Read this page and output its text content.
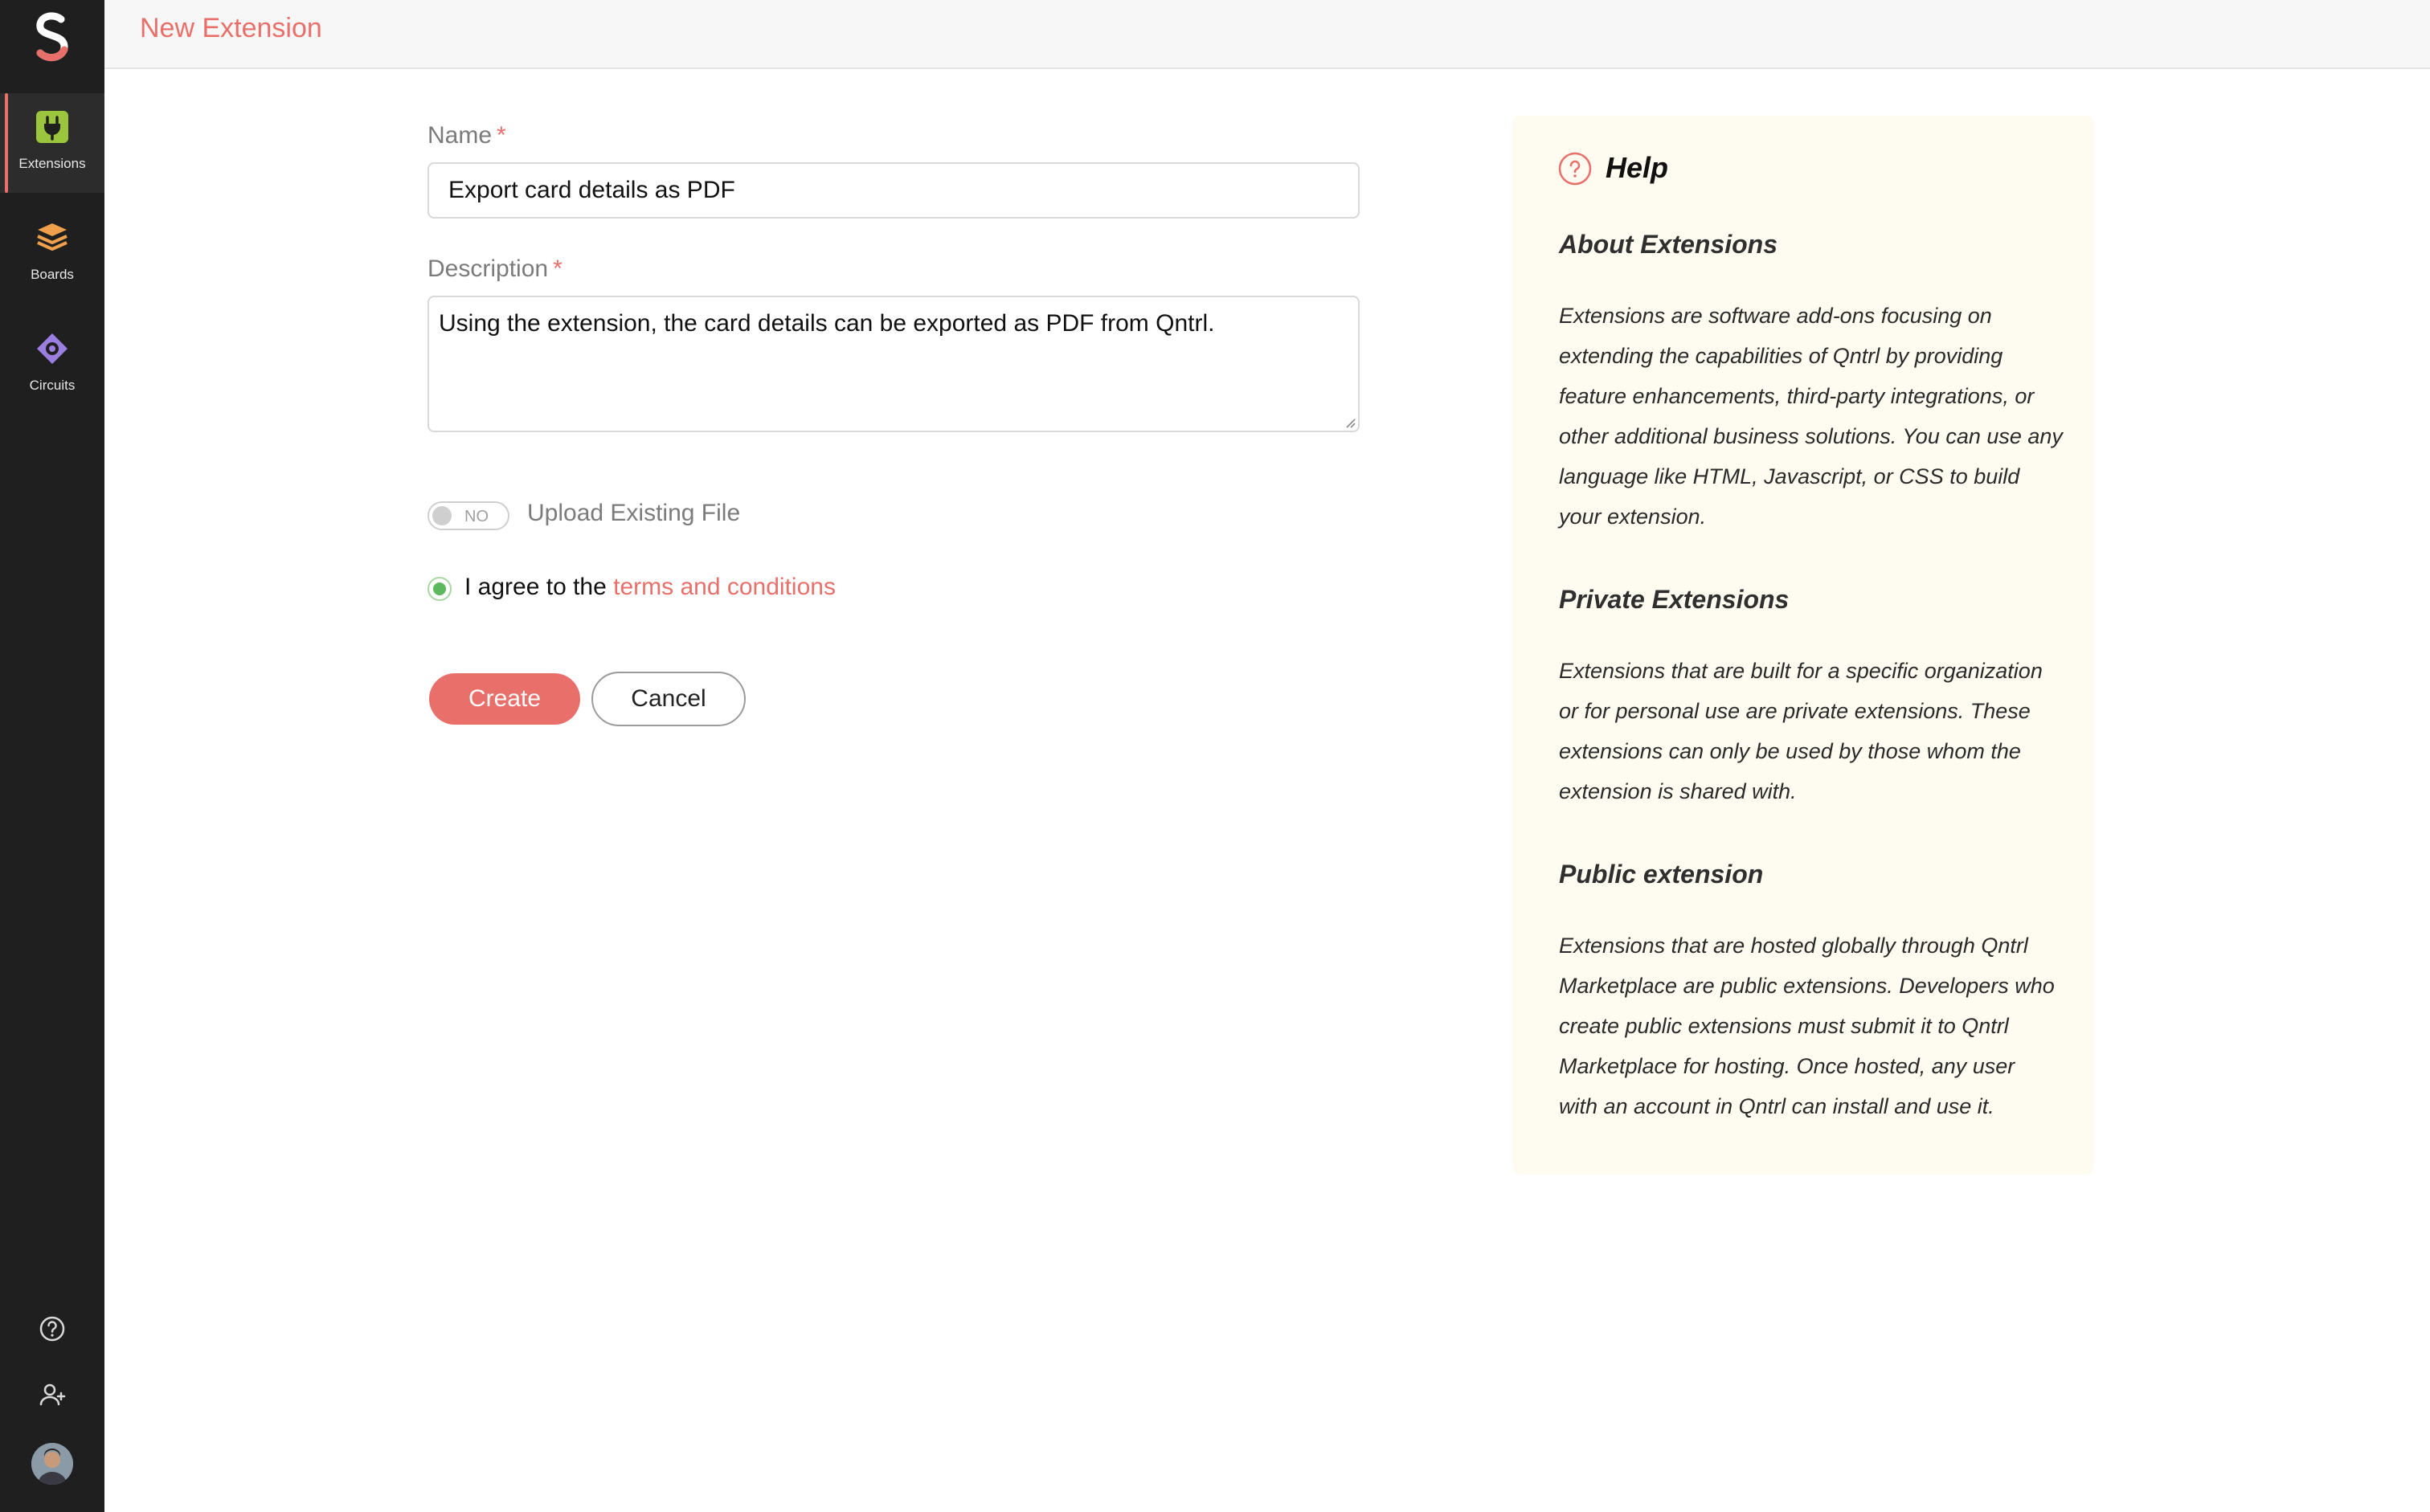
Extensions
Boards
Circuits
New Extension
Name *
Export card details as PDF
Description *
Using the extension, the card details can be exported as PDF from Qntrl.
NO Upload Existing File
I agree to the terms and conditions
Create	Cancel
Help
About Extensions
Extensions are software add-ons focusing on
extending the capabilities of Qntrl by providing
feature enhancements, third-party integrations, or
other additional business solutions. You can use any
language like HTML, Javascript, or CSS to build
your extension.
Private Extensions
Extensions that are built for a specific organization
or for personal use are private extensions. These
extensions can only be used by those whom the
extension is shared with.
Public extension
Extensions that are hosted globally through Qntrl
Marketplace are public extensions. Developers who
create public extensions must submit it to Qntrl
Marketplace for hosting. Once hosted, any user
with an account in Qntrl can install and use it.
